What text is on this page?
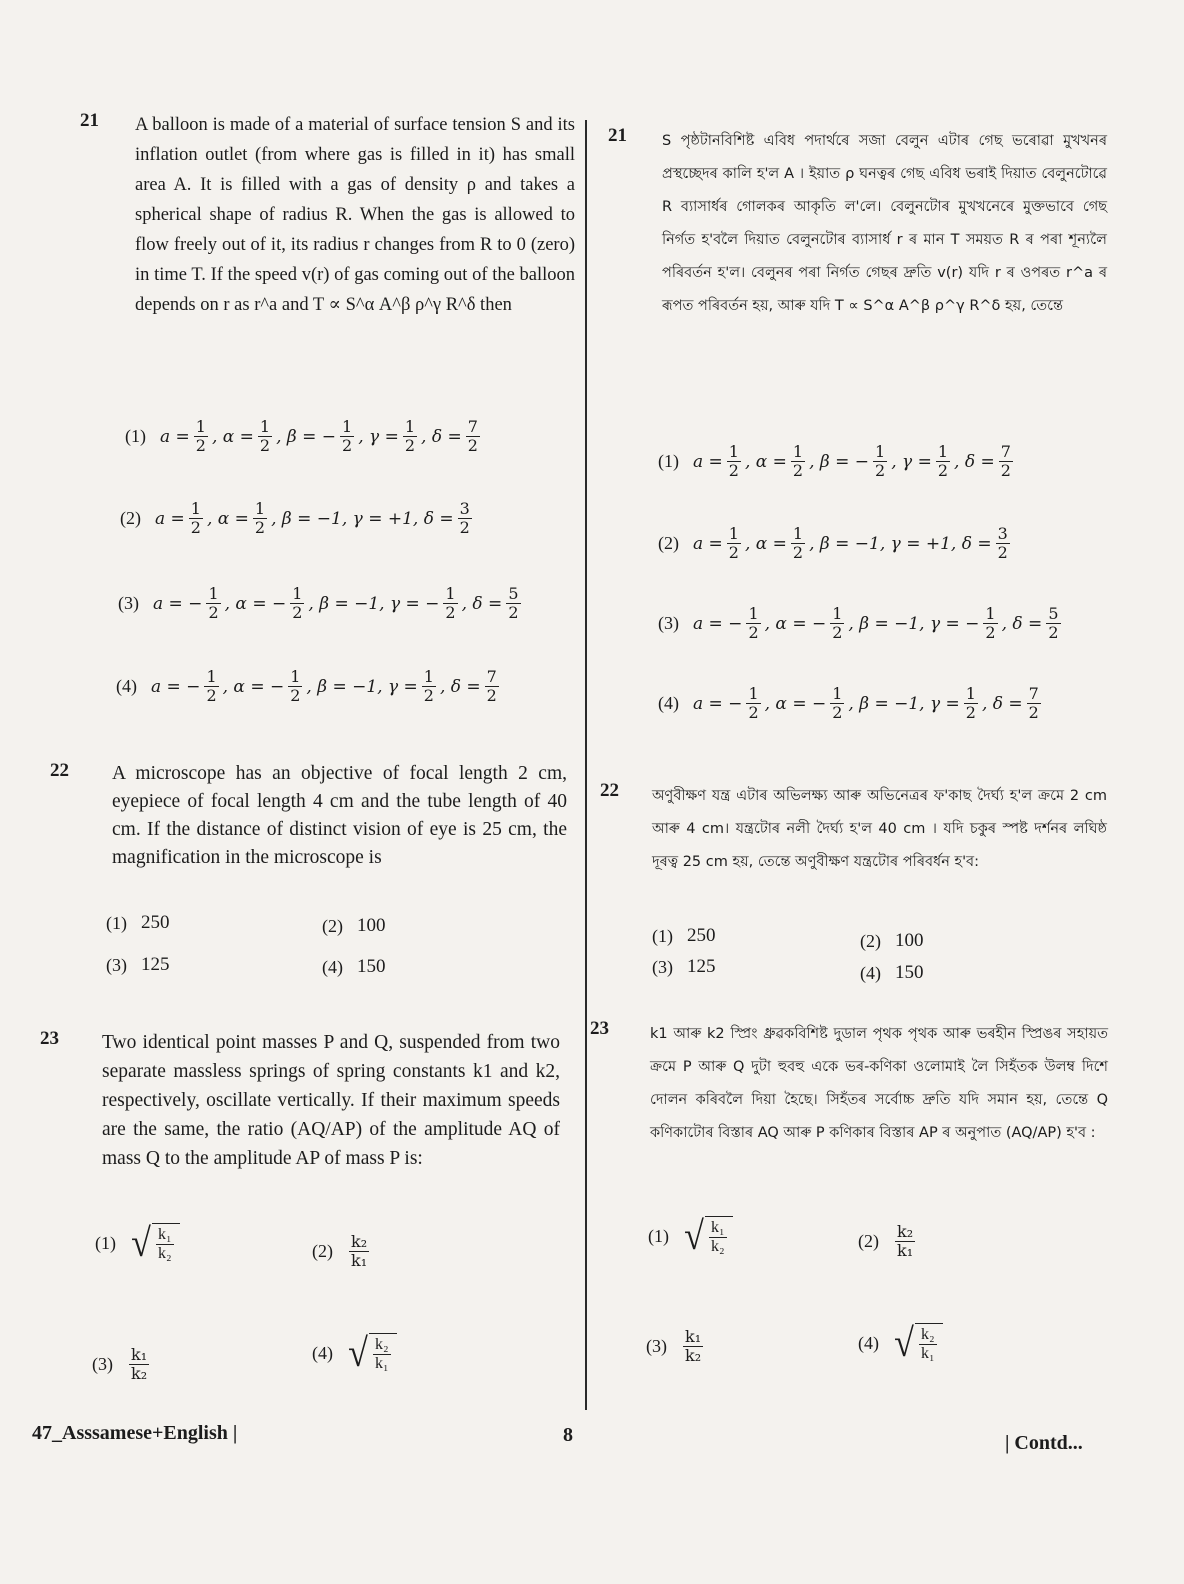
21 A balloon is made of a material of surface tension S and its inflation outlet (from where gas is filled in it) has small area A. It is filled with a gas of density ρ and takes a spherical shape of radius R. When the gas is allowed to flow freely out of it, its radius r changes from R to 0 (zero) in time T. If the speed v(r) of gas coming out of the balloon depends on r as r^a and T ∝ S^α A^β ρ^γ R^δ then
(1) $a = \frac{1}{2}$ , $\alpha = \frac{1}{2}$ , β = − $\frac{1}{2}$ , $\gamma = \frac{1}{2}$ , $\delta = \frac{7}{2}$
(2) $a = \frac{1}{2}$ , $\alpha = \frac{1}{2}$ , β = −1, γ = +1, $\delta = \frac{3}{2}$
(3) a = − $\frac{1}{2}$ , α = − $\frac{1}{2}$ , β = −1, γ = − $\frac{1}{2}$ , $\delta = \frac{5}{2}$
(4) a = − $\frac{1}{2}$ , α = − $\frac{1}{2}$ , β = −1, $\gamma = \frac{1}{2}$ , $\delta = \frac{7}{2}$
22 A microscope has an objective of focal length 2 cm, eyepiece of focal length 4 cm and the tube length of 40 cm. If the distance of distinct vision of eye is 25 cm, the magnification in the microscope is
(1) 250	(2) 100
(3) 125	(4) 150
23 Two identical point masses P and Q, suspended from two separate massless springs of spring constants k1 and k2, respectively, oscillate vertically. If their maximum speeds are the same, the ratio (AQ/AP) of the amplitude AQ of mass Q to the amplitude AP of mass P is:
(1) √ $\frac{\text{k₁}}{\text{k₂}}$	$(2) \frac{\text{k₂}}{\text{k₁}}$
$(3) \frac{\text{k₁}}{\text{k₂}}$	(4) √ $\frac{\text{k₂}}{\text{k₁}}$
21 S পৃষ্ঠটানবিশিষ্ট এবিধ পদাৰ্থৰে সজা বেলুন এটাৰ গেছ ভৰোৱা মুখখনৰ প্ৰস্থচ্ছেদৰ কালি হ'ল A । ইয়াত ρ ঘনত্বৰ গেছ এবিধ ভৰাই দিয়াত বেলুনটোৱে R ব্যাসাৰ্ধৰ গোলকৰ আকৃতি ল'লে। বেলুনটোৰ মুখখনেৰে মুক্তভাবে গেছ নিৰ্গত হ'বলৈ দিয়াত বেলুনটোৰ ব্যাসাৰ্ধ r ৰ মান T সময়ত R ৰ পৰা শূন্যলৈ পৰিবৰ্তন হ'ল। বেলুনৰ পৰা নিৰ্গত গেছৰ দ্ৰুতি v(r) যদি r ৰ ওপৰত r^a ৰ ৰূপত পৰিবৰ্তন হয়, আৰু যদি T ∝ S^α A^β ρ^γ R^δ হয়, তেন্তে
(1) $a = \frac{1}{2}$ , $\alpha = \frac{1}{2}$ , β = − $\frac{1}{2}$ , $\gamma = \frac{1}{2}$ , $\delta = \frac{7}{2}$
(2) $a = \frac{1}{2}$ , $\alpha = \frac{1}{2}$ , β = −1, γ = +1, $\delta = \frac{3}{2}$
(3) a = − $\frac{1}{2}$ , α = − $\frac{1}{2}$ , β = −1, γ = − $\frac{1}{2}$ , $\delta = \frac{5}{2}$
(4) a = − $\frac{1}{2}$ , α = − $\frac{1}{2}$ , β = −1, $\gamma = \frac{1}{2}$ , $\delta = \frac{7}{2}$
22 অণুবীক্ষণ যন্ত্ৰ এটাৰ অভিলক্ষ্য আৰু অভিনেত্ৰৰ ফ'কাছ দৈৰ্ঘ্য হ'ল ক্ৰমে 2 cm আৰু 4 cm। যন্ত্ৰটোৰ নলী দৈৰ্ঘ্য হ'ল 40 cm । যদি চকুৰ স্পষ্ট দৰ্শনৰ লঘিষ্ঠ দূৰত্ব 25 cm হয়, তেন্তে অণুবীক্ষণ যন্ত্ৰটোৰ পৰিবৰ্ধন হ'ব:
(1) 250	(2) 100
(3) 125	(4) 150
23	k1 আৰু k2 স্প্ৰিং ধ্ৰুৱকবিশিষ্ট দুডাল পৃথক পৃথক আৰু ভৰহীন স্প্ৰিঙৰ সহায়ত ক্ৰমে P আৰু Q দুটা হুবহু একে ভৰ-কণিকা ওলোমাই লৈ সিহঁতক উলম্ব দিশে দোলন কৰিবলৈ দিয়া হৈছে। সিহঁতৰ সৰ্বোচ্চ দ্ৰুতি যদি সমান হয়, তেন্তে Q কণিকাটোৰ বিস্তাৰ AQ আৰু P কণিকাৰ বিস্তাৰ AP ৰ অনুপাত (AQ/AP) হ'ব :
(1) √ $\frac{\text{k₁}}{\text{k₂}}$	$(2) \frac{\text{k₂}}{\text{k₁}}$
$(3) \frac{\text{k₁}}{\text{k₂}}$	(4) √ $\frac{\text{k₂}}{\text{k₁}}$
47_Asssamese+English |	8	| Contd...
